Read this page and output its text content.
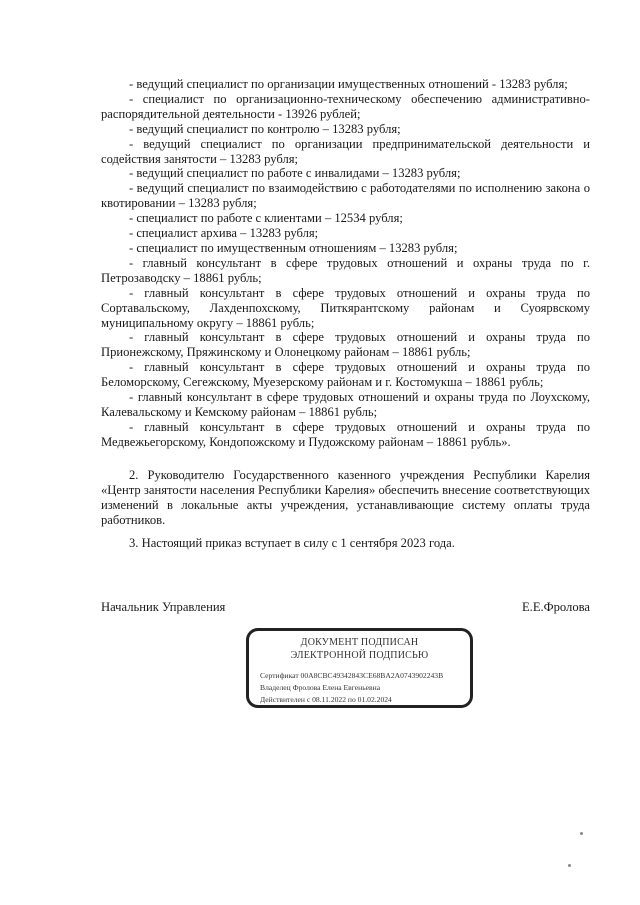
- ведущий специалист по организации имущественных отношений - 13283 рубля;

- специалист по организационно-техническому обеспечению административно-распорядительной деятельности - 13926 рублей;

- ведущий специалист по контролю – 13283 рубля;

- ведущий специалист по организации предпринимательской деятельности и содействия занятости – 13283 рубля;

- ведущий специалист по работе с инвалидами – 13283 рубля;

- ведущий специалист по взаимодействию с работодателями по исполнению закона о квотировании – 13283 рубля;

- специалист по работе с клиентами – 12534 рубля;

- специалист архива – 13283 рубля;

- специалист по имущественным отношениям – 13283 рубля;

- главный консультант в сфере трудовых отношений и охраны труда по г. Петрозаводску – 18861 рубль;

- главный консультант в сфере трудовых отношений и охраны труда по Сортавальскому, Лахденпохскому, Питкярантскому районам и Суоярвскому муниципальному округу – 18861 рубль;

- главный консультант в сфере трудовых отношений и охраны труда по Прионежскому, Пряжинскому и Олонецкому районам – 18861 рубль;

- главный консультант в сфере трудовых отношений и охраны труда по Беломорскому, Сегежскому, Муезерскому районам и г. Костомукша – 18861 рубль;

- главный консультант в сфере трудовых отношений и охраны труда по Лоухскому, Калевальскому и Кемскому районам – 18861 рубль;

- главный консультант в сфере трудовых отношений и охраны труда по Медвежьегорскому, Кондопожскому и Пудожскому районам – 18861 рубль».

2. Руководителю Государственного казенного учреждения Республики Карелия «Центр занятости населения Республики Карелия» обеспечить внесение соответствующих изменений в локальные акты учреждения, устанавливающие систему оплаты труда работников.

3. Настоящий приказ вступает в силу с 1 сентября 2023 года.

Начальник Управления	Е.Е.Фролова
ДОКУМЕНТ ПОДПИСАН
ЭЛЕКТРОННОЙ ПОДПИСЬЮ
Сертификат 00A8CBC49342843CE68BA2A0743902243B
Владелец Фролова Елена Евгеньевна
Действителен с 08.11.2022 по 01.02.2024
